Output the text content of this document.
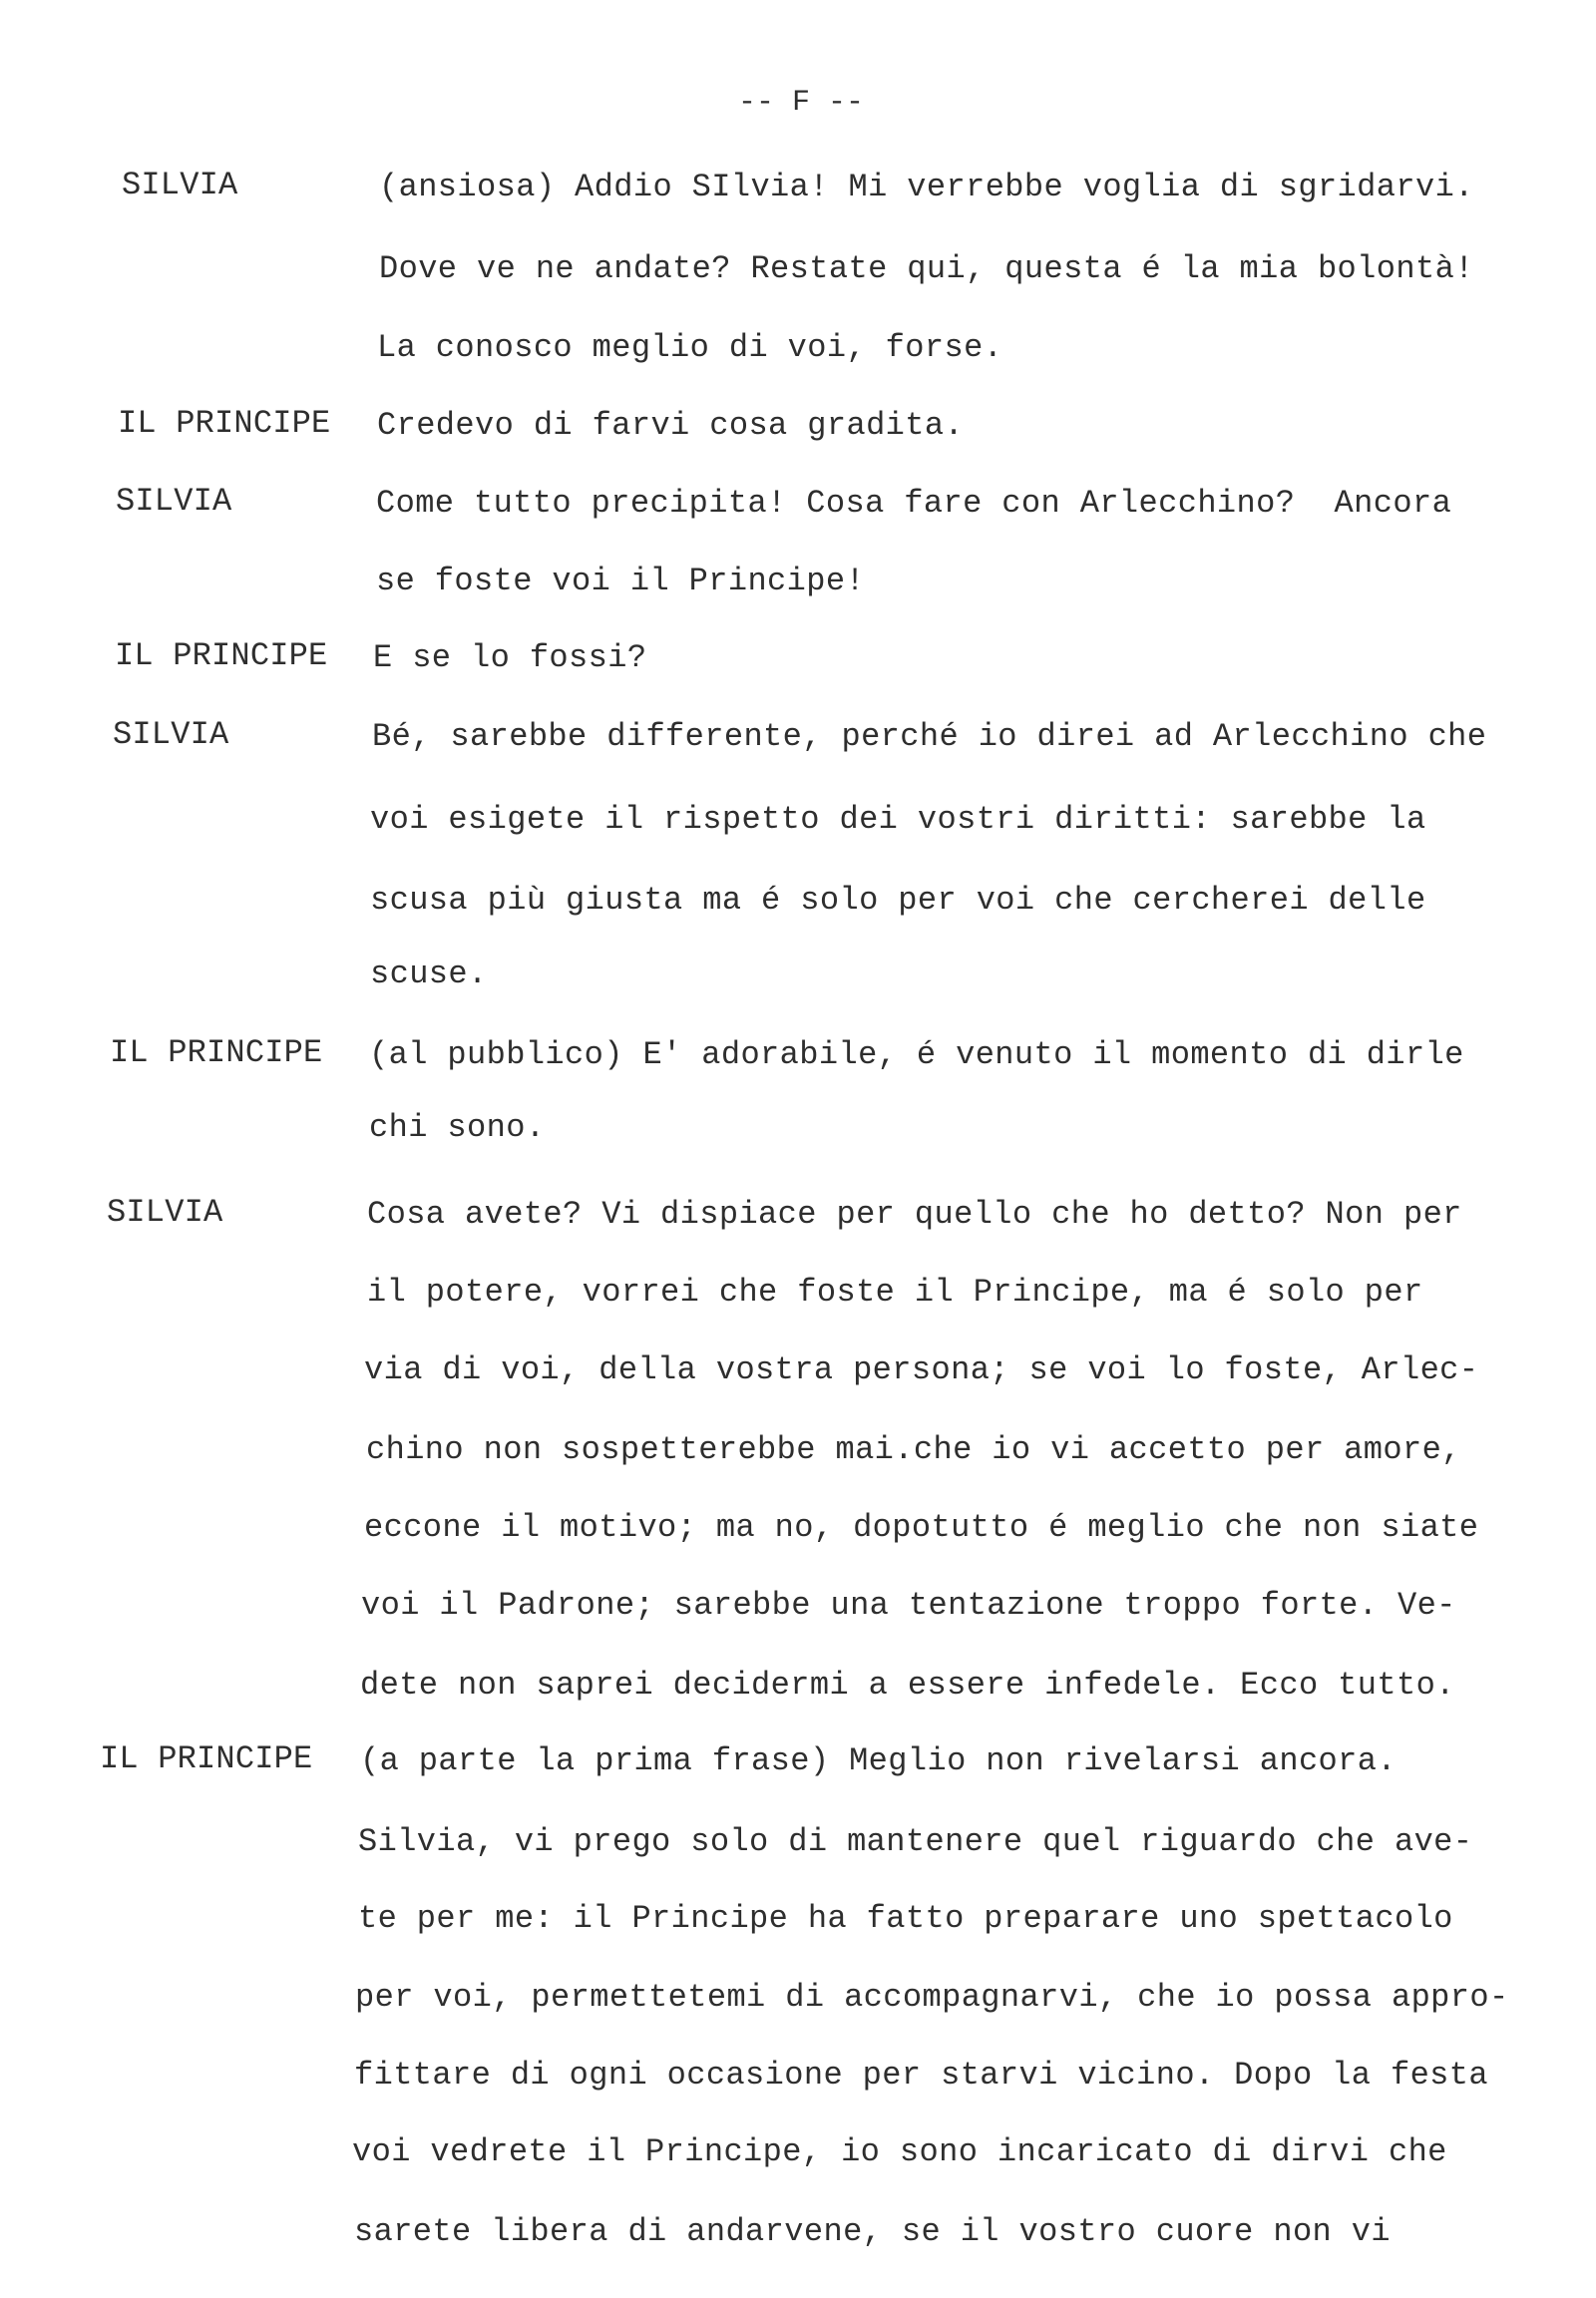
-- F --
SILVIA
IL PRINCIPE
SILVIA
IL PRINCIPE
SILVIA
IL PRINCIPE
SILVIA
IL PRINCIPE
(ansiosa) Addio SIlvia! Mi verrebbe voglia di sgridarvi.
Dove ve ne andate? Restate qui, questa é la mia bolontà!
La conosco meglio di voi, forse.
Credevo di farvi cosa gradita.
Come tutto precipita! Cosa fare con Arlecchino?  Ancora
se foste voi il Principe!
E se lo fossi?
Bé, sarebbe differente, perché io direi ad Arlecchino che
voi esigete il rispetto dei vostri diritti: sarebbe la
scusa più giusta ma é solo per voi che cercherei delle
scuse.
(al pubblico) E' adorabile, é venuto il momento di dirle
chi sono.
Cosa avete? Vi dispiace per quello che ho detto? Non per
il potere, vorrei che foste il Principe, ma é solo per
via di voi, della vostra persona; se voi lo foste, Arlec-
chino non sospetterebbe mai.che io vi accetto per amore,
eccone il motivo; ma no, dopotutto é meglio che non siate
voi il Padrone; sarebbe una tentazione troppo forte. Ve-
dete non saprei decidermi a essere infedele. Ecco tutto.
(a parte la prima frase) Meglio non rivelarsi ancora.
Silvia, vi prego solo di mantenere quel riguardo che ave-
te per me: il Principe ha fatto preparare uno spettacolo
per voi, permettetemi di accompagnarvi, che io possa appro-
fittare di ogni occasione per starvi vicino. Dopo la festa
voi vedrete il Principe, io sono incaricato di dirvi che
sarete libera di andarvene, se il vostro cuore non vi
